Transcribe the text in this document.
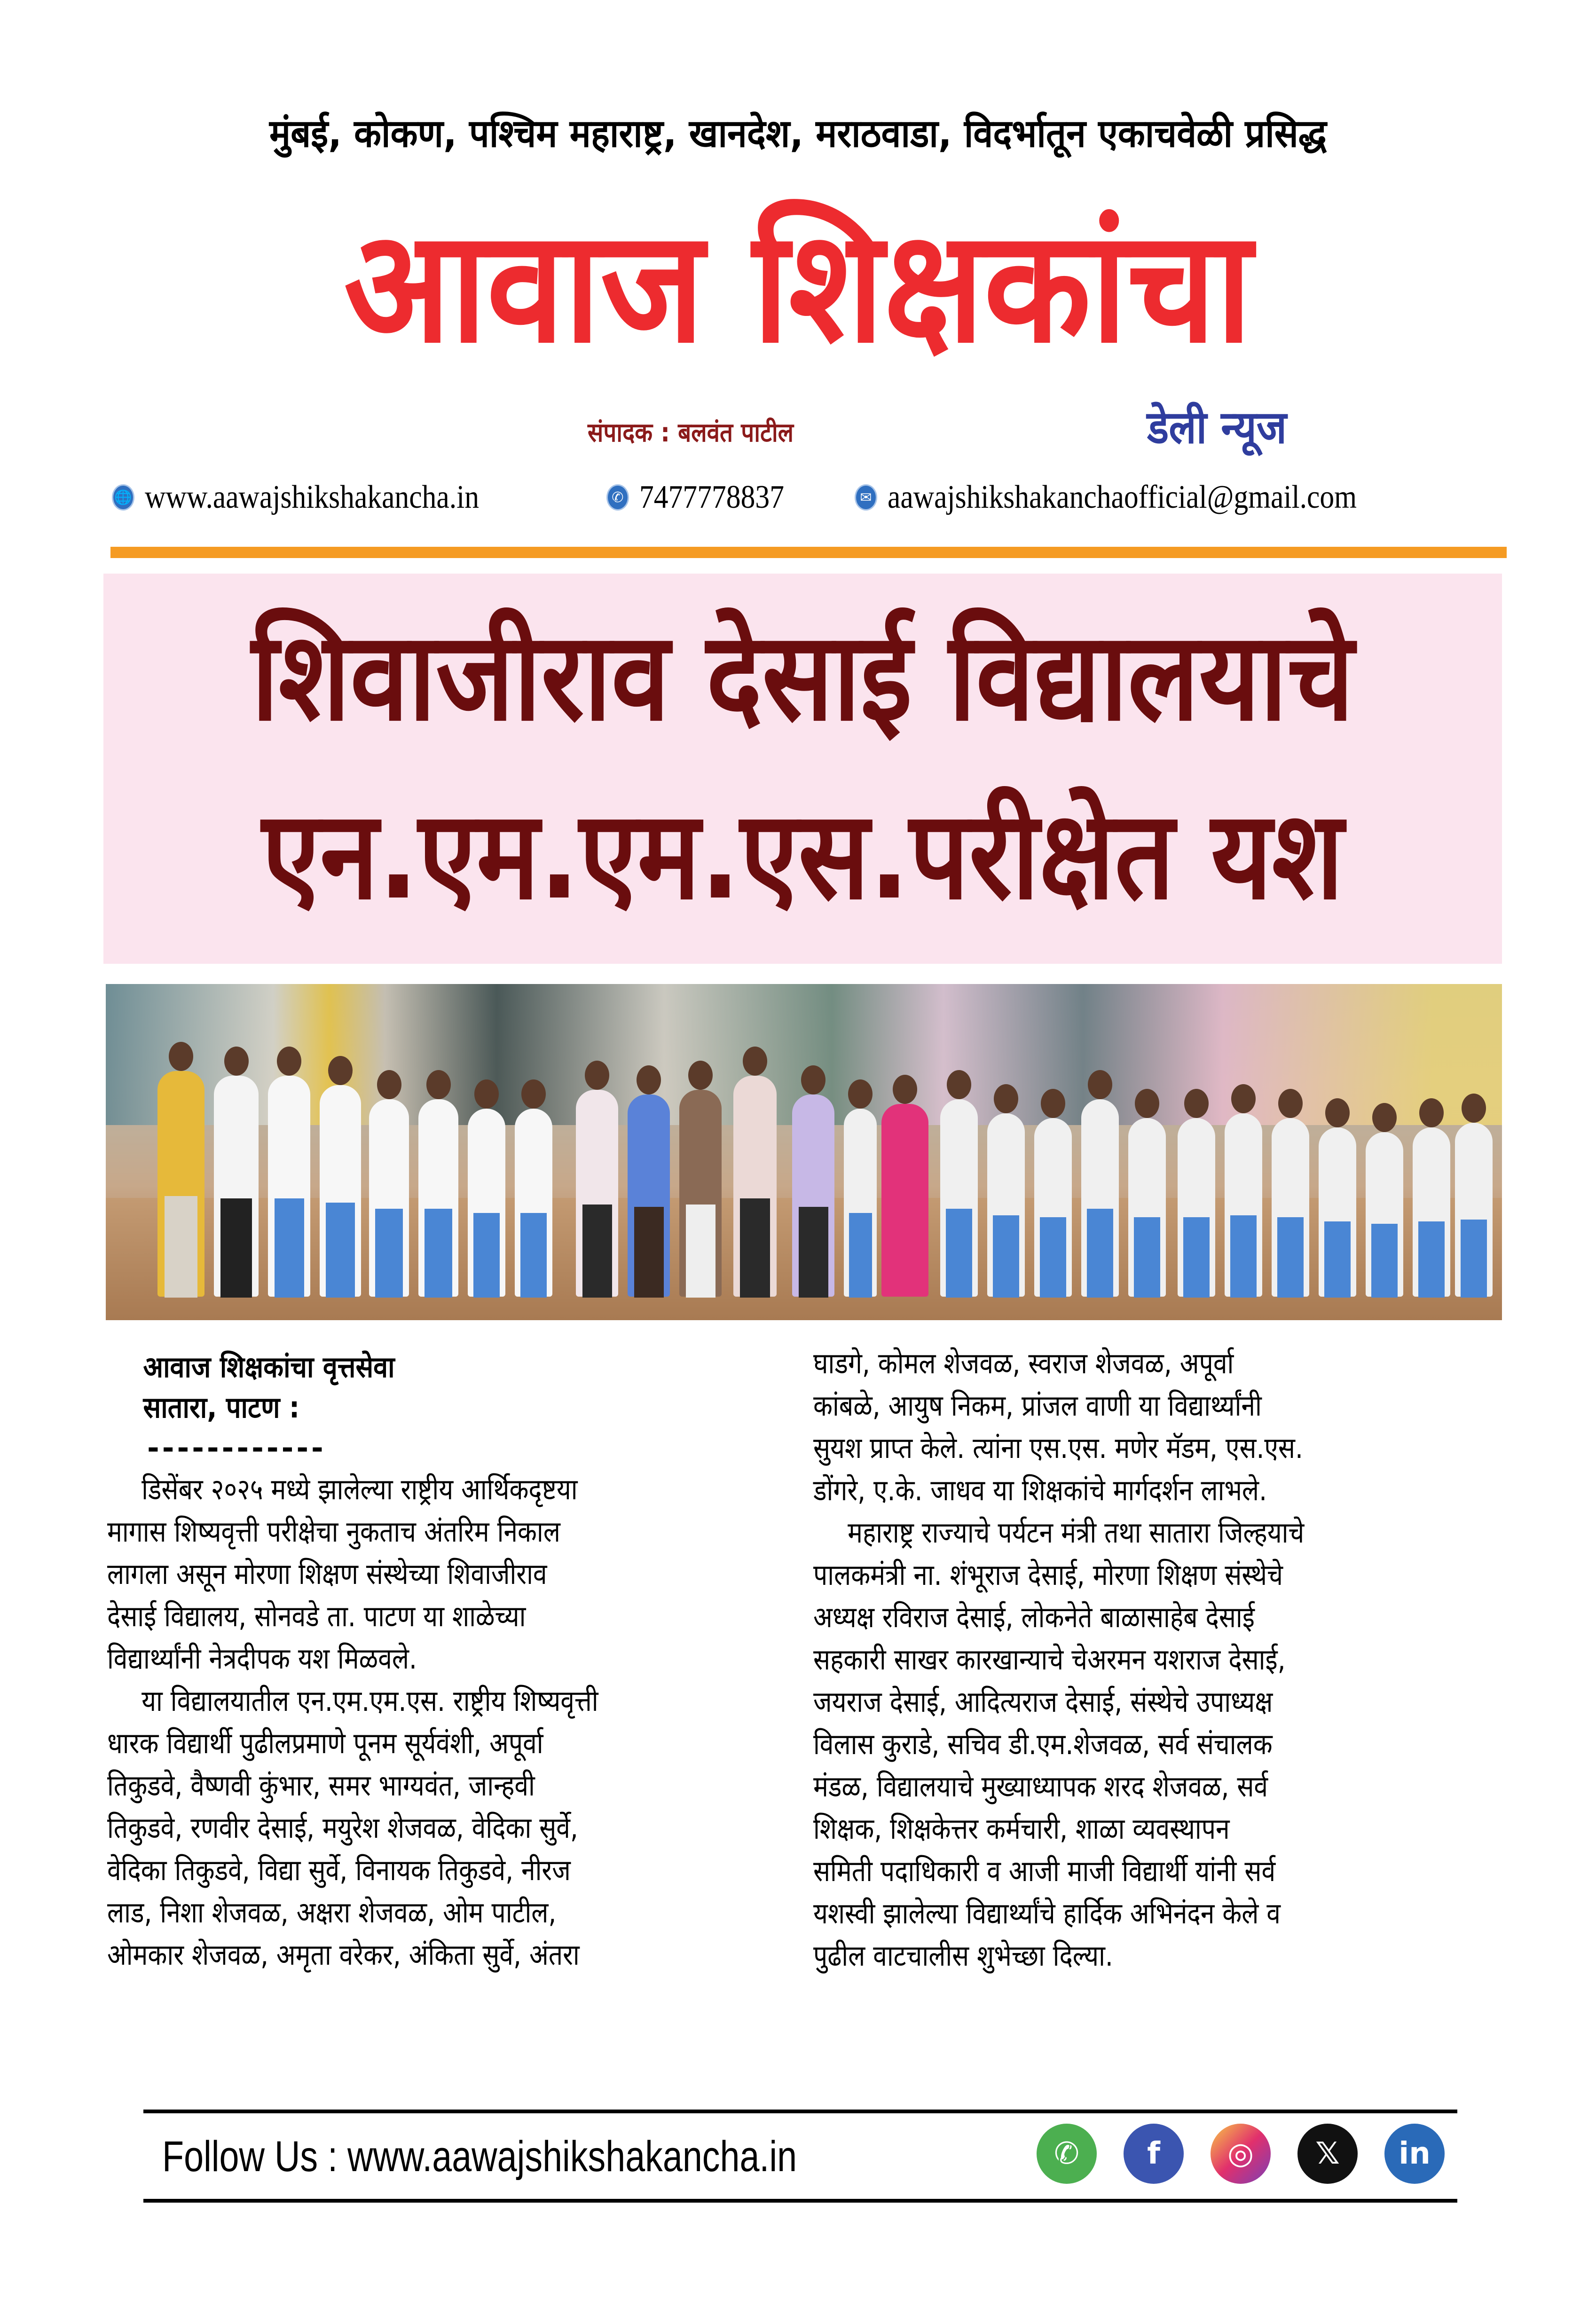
मुंबई, कोकण, पश्चिम महाराष्ट्र, खानदेश, मराठवाडा, विदर्भातून एकाचवेळी प्रसिद्ध
आवाज शिक्षकांचा
संपादक : बलवंत पाटील	डेली न्यूज
🌐 www.aawajshikshakancha.in	✆ 7477778837	✉ aawajshikshakanchaofficial@gmail.com
शिवाजीराव देसाई विद्यालयाचे
एन.एम.एम.एस.परीक्षेत यश
आवाज शिक्षकांचा वृत्तसेवा
सातारा, पाटण :
------------
डिसेंबर २०२५ मध्ये झालेल्या राष्ट्रीय आर्थिकदृष्टया
मागास शिष्यवृत्ती परीक्षेचा नुकताच अंतरिम निकाल
लागला असून मोरणा शिक्षण संस्थेच्या शिवाजीराव
देसाई विद्यालय, सोनवडे ता. पाटण या शाळेच्या
विद्यार्थ्यांनी नेत्रदीपक यश मिळवले.
या विद्यालयातील एन.एम.एम.एस. राष्ट्रीय शिष्यवृत्ती
धारक विद्यार्थी पुढीलप्रमाणे पूनम सूर्यवंशी, अपूर्वा
तिकुडवे, वैष्णवी कुंभार, समर भाग्यवंत, जान्हवी
तिकुडवे, रणवीर देसाई, मयुरेश शेजवळ, वेदिका सुर्वे,
वेदिका तिकुडवे, विद्या सुर्वे, विनायक तिकुडवे, नीरज
लाड, निशा शेजवळ, अक्षरा शेजवळ, ओम पाटील,
ओमकार शेजवळ, अमृता वरेकर, अंकिता सुर्वे, अंतरा
घाडगे, कोमल शेजवळ, स्वराज शेजवळ, अपूर्वा
कांबळे, आयुष निकम, प्रांजल वाणी या विद्यार्थ्यांनी
सुयश प्राप्त केले. त्यांना एस.एस. मणेर मॅडम, एस.एस.
डोंगरे, ए.के. जाधव या शिक्षकांचे मार्गदर्शन लाभले.
महाराष्ट्र राज्याचे पर्यटन मंत्री तथा सातारा जिल्हयाचे
पालकमंत्री ना. शंभूराज देसाई, मोरणा शिक्षण संस्थेचे
अध्यक्ष रविराज देसाई, लोकनेते बाळासाहेब देसाई
सहकारी साखर कारखान्याचे चेअरमन यशराज देसाई,
जयराज देसाई, आदित्यराज देसाई, संस्थेचे उपाध्यक्ष
विलास कुराडे, सचिव डी.एम.शेजवळ, सर्व संचालक
मंडळ, विद्यालयाचे मुख्याध्यापक शरद शेजवळ, सर्व
शिक्षक, शिक्षकेत्तर कर्मचारी, शाळा व्यवस्थापन
समिती पदाधिकारी व आजी माजी विद्यार्थी यांनी सर्व
यशस्वी झालेल्या विद्यार्थ्यांचे हार्दिक अभिनंदन केले व
पुढील वाटचालीस शुभेच्छा दिल्या.
Follow Us : www.aawajshikshakancha.in	✆	f	◎	𝕏	in
